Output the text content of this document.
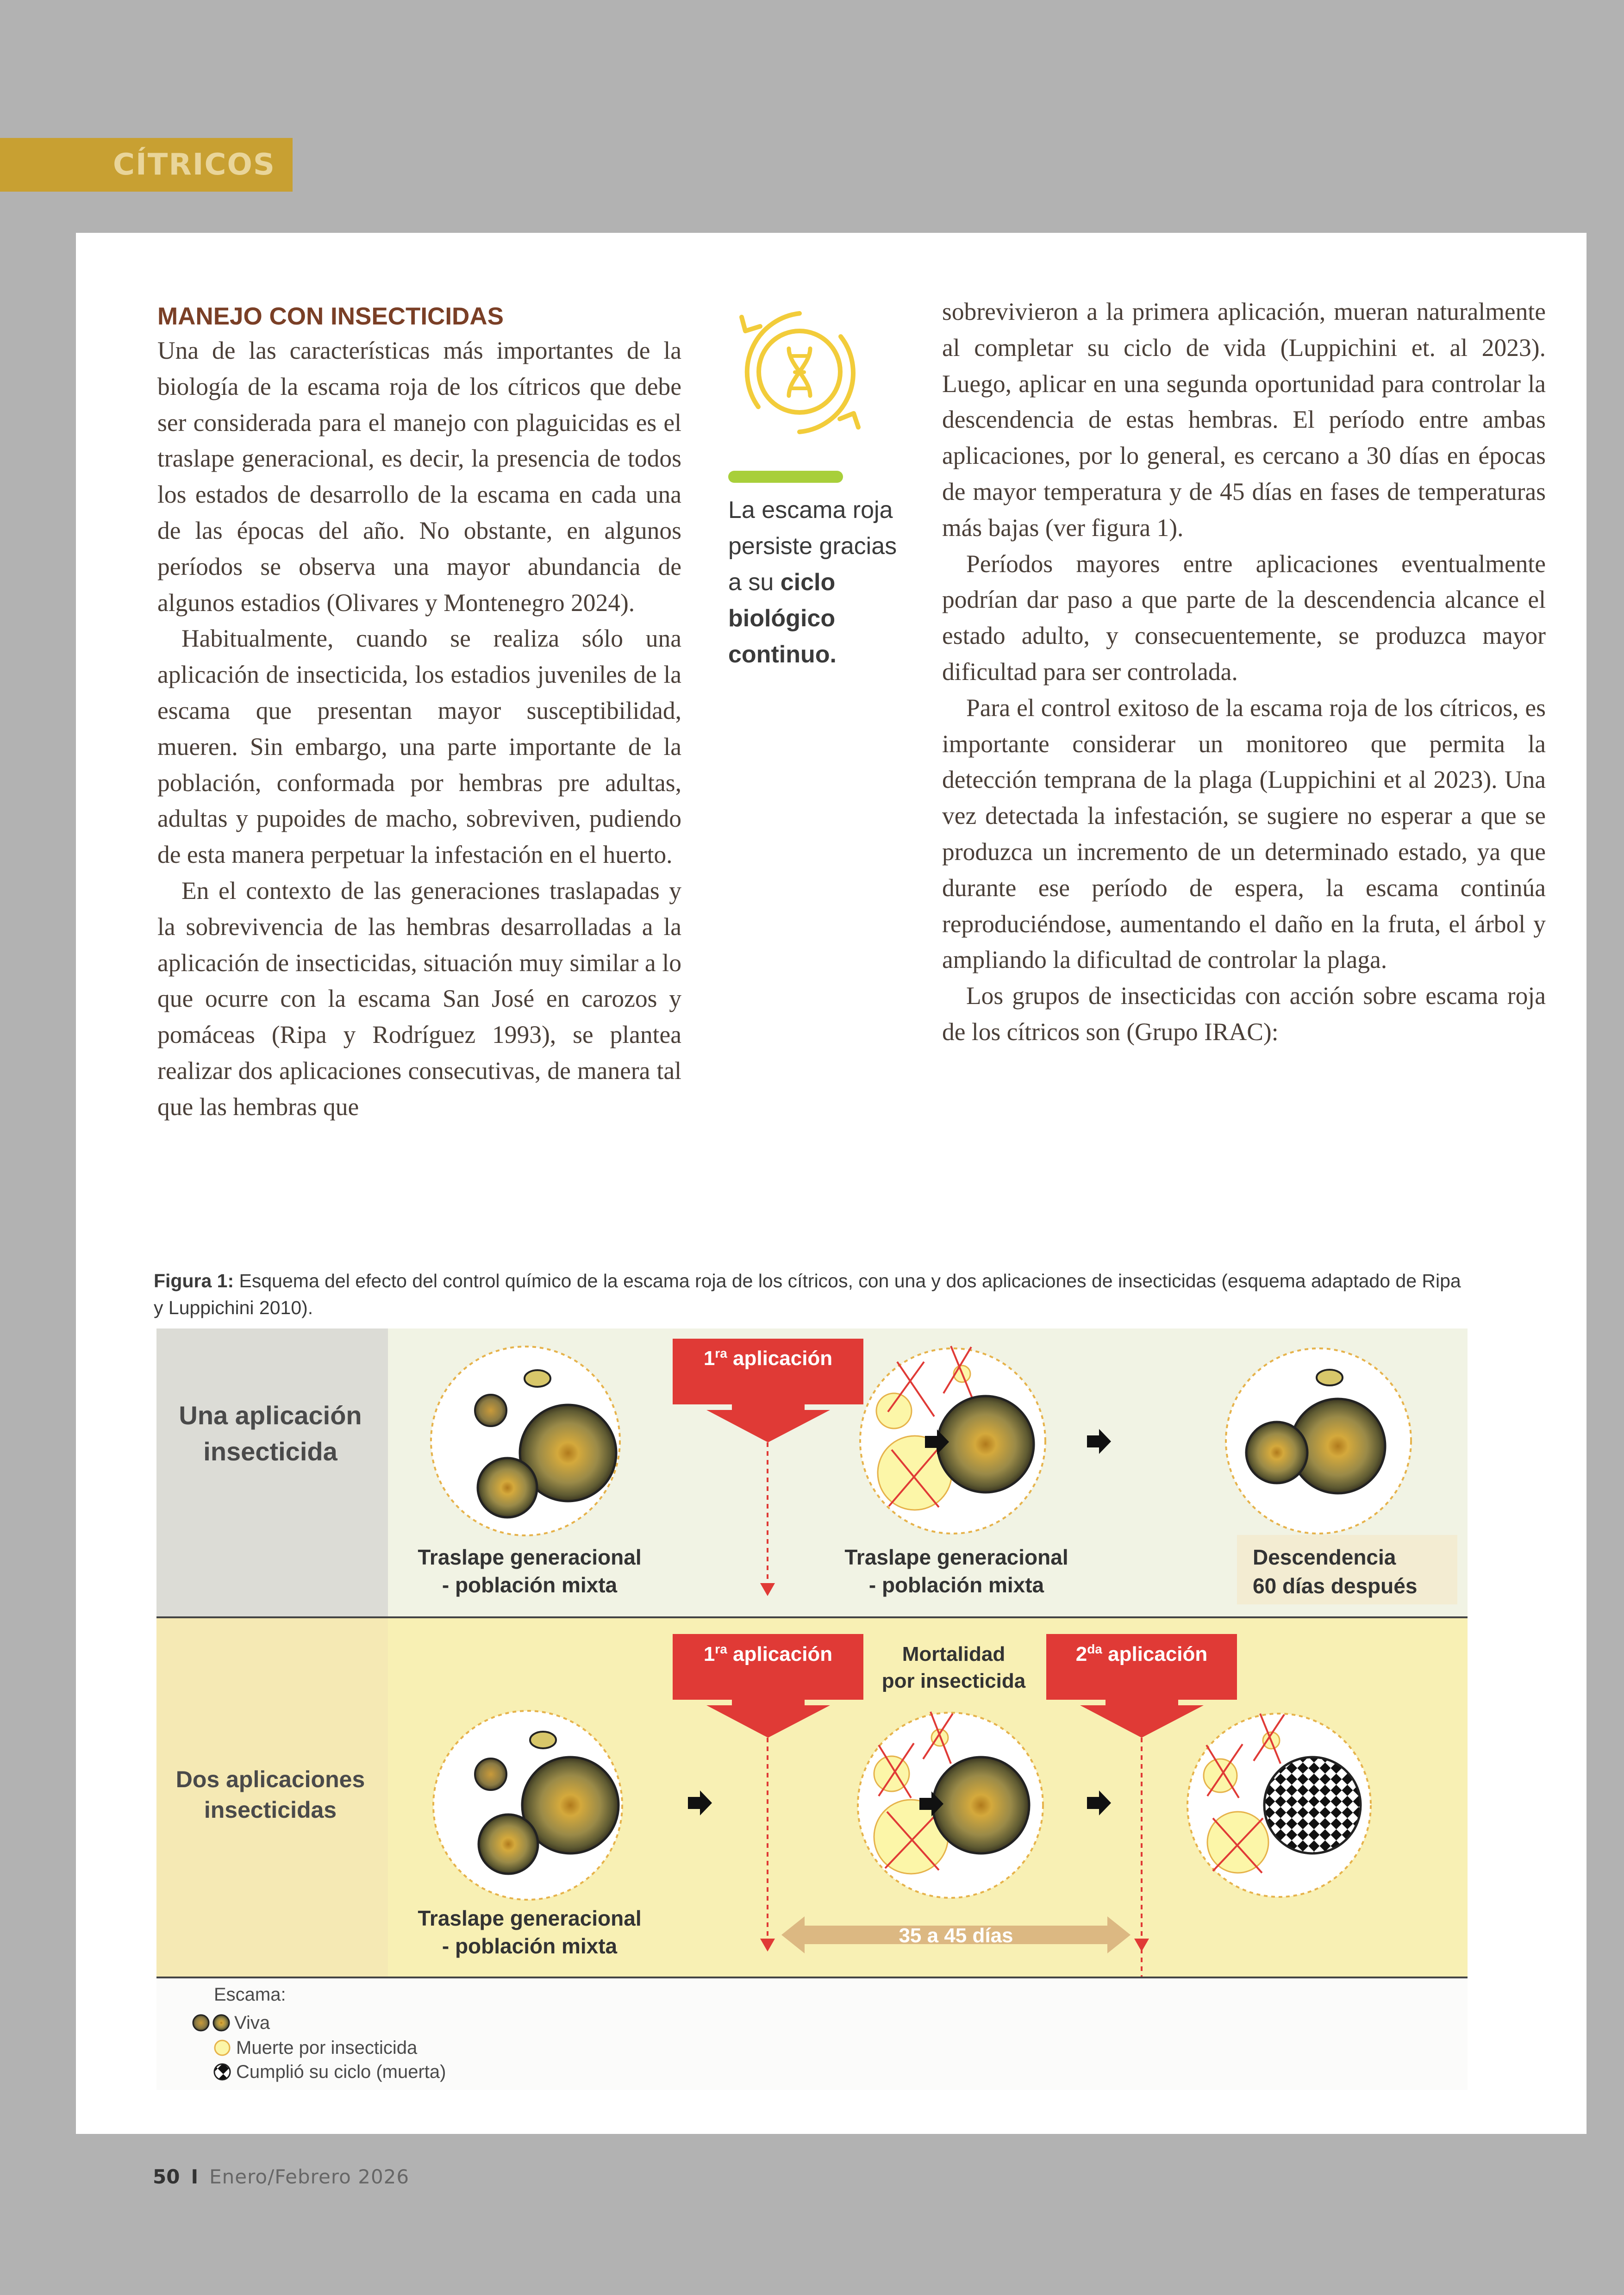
CÍTRICOS
MANEJO CON INSECTICIDAS

Una de las características más importantes de la biología de la escama roja de los cítricos que debe ser considerada para el manejo con plaguicidas es el traslape generacional, es decir, la presencia de todos los estados de desarrollo de la escama en cada una de las épocas del año. No obstante, en algunos períodos se observa una mayor abundancia de algunos estadios (Olivares y Montenegro 2024).

Habitualmente, cuando se realiza sólo una aplicación de insecticida, los estadios juveniles de la escama que presentan mayor susceptibilidad, mueren. Sin embargo, una parte importante de la población, conformada por hembras pre adultas, adultas y pupoides de macho, sobreviven, pudiendo de esta manera perpetuar la infestación en el huerto.

En el contexto de las generaciones traslapadas y la sobrevivencia de las hembras desarrolladas a la aplicación de insecticidas, situación muy similar a lo que ocurre con la escama San José en carozos y pomáceas (Ripa y Rodríguez 1993), se plantea realizar dos aplicaciones consecutivas, de manera tal que las hembras que

La escama roja persiste gracias a su ciclo biológico continuo.

sobrevivieron a la primera aplicación, mueran naturalmente al completar su ciclo de vida (Luppichini et. al 2023). Luego, aplicar en una segunda oportunidad para controlar la descendencia de estas hembras. El período entre ambas aplicaciones, por lo general, es cercano a 30 días en épocas de mayor temperatura y de 45 días en fases de temperaturas más bajas (ver figura 1).

Períodos mayores entre aplicaciones eventualmente podrían dar paso a que parte de la descendencia alcance el estado adulto, y consecuentemente, se produzca mayor dificultad para ser controlada.

Para el control exitoso de la escama roja de los cítricos, es importante considerar un monitoreo que permita la detección temprana de la plaga (Luppichini et al 2023). Una vez detectada la infestación, se sugiere no esperar a que se produzca un incremento de un determinado estado, ya que durante ese período de espera, la escama continúa reproduciéndose, aumentando el daño en la fruta, el árbol y ampliando la dificultad de controlar la plaga.

Los grupos de insecticidas con acción sobre escama roja de los cítricos son (Grupo IRAC):

Figura 1: Esquema del efecto del control químico de la escama roja de los cítricos, con una y dos aplicaciones de insecticidas (esquema adaptado de Ripa y Luppichini 2010).
Una aplicación
insecticida
Dos aplicaciones
insecticidas
Traslape generacional
- población mixta
$1^{ra}$ aplicación
Traslape generacional
- población mixta
Descendencia
60 días después
Traslape generacional
- población mixta
$1^{ra}$ aplicación	Mortalidad
por insecticida
$2^{da}$ aplicación
35 a 45 días
Escama:
Viva
Muerte por insecticida
Cumplió su ciclo (muerta)
50 I Enero/Febrero 2026
